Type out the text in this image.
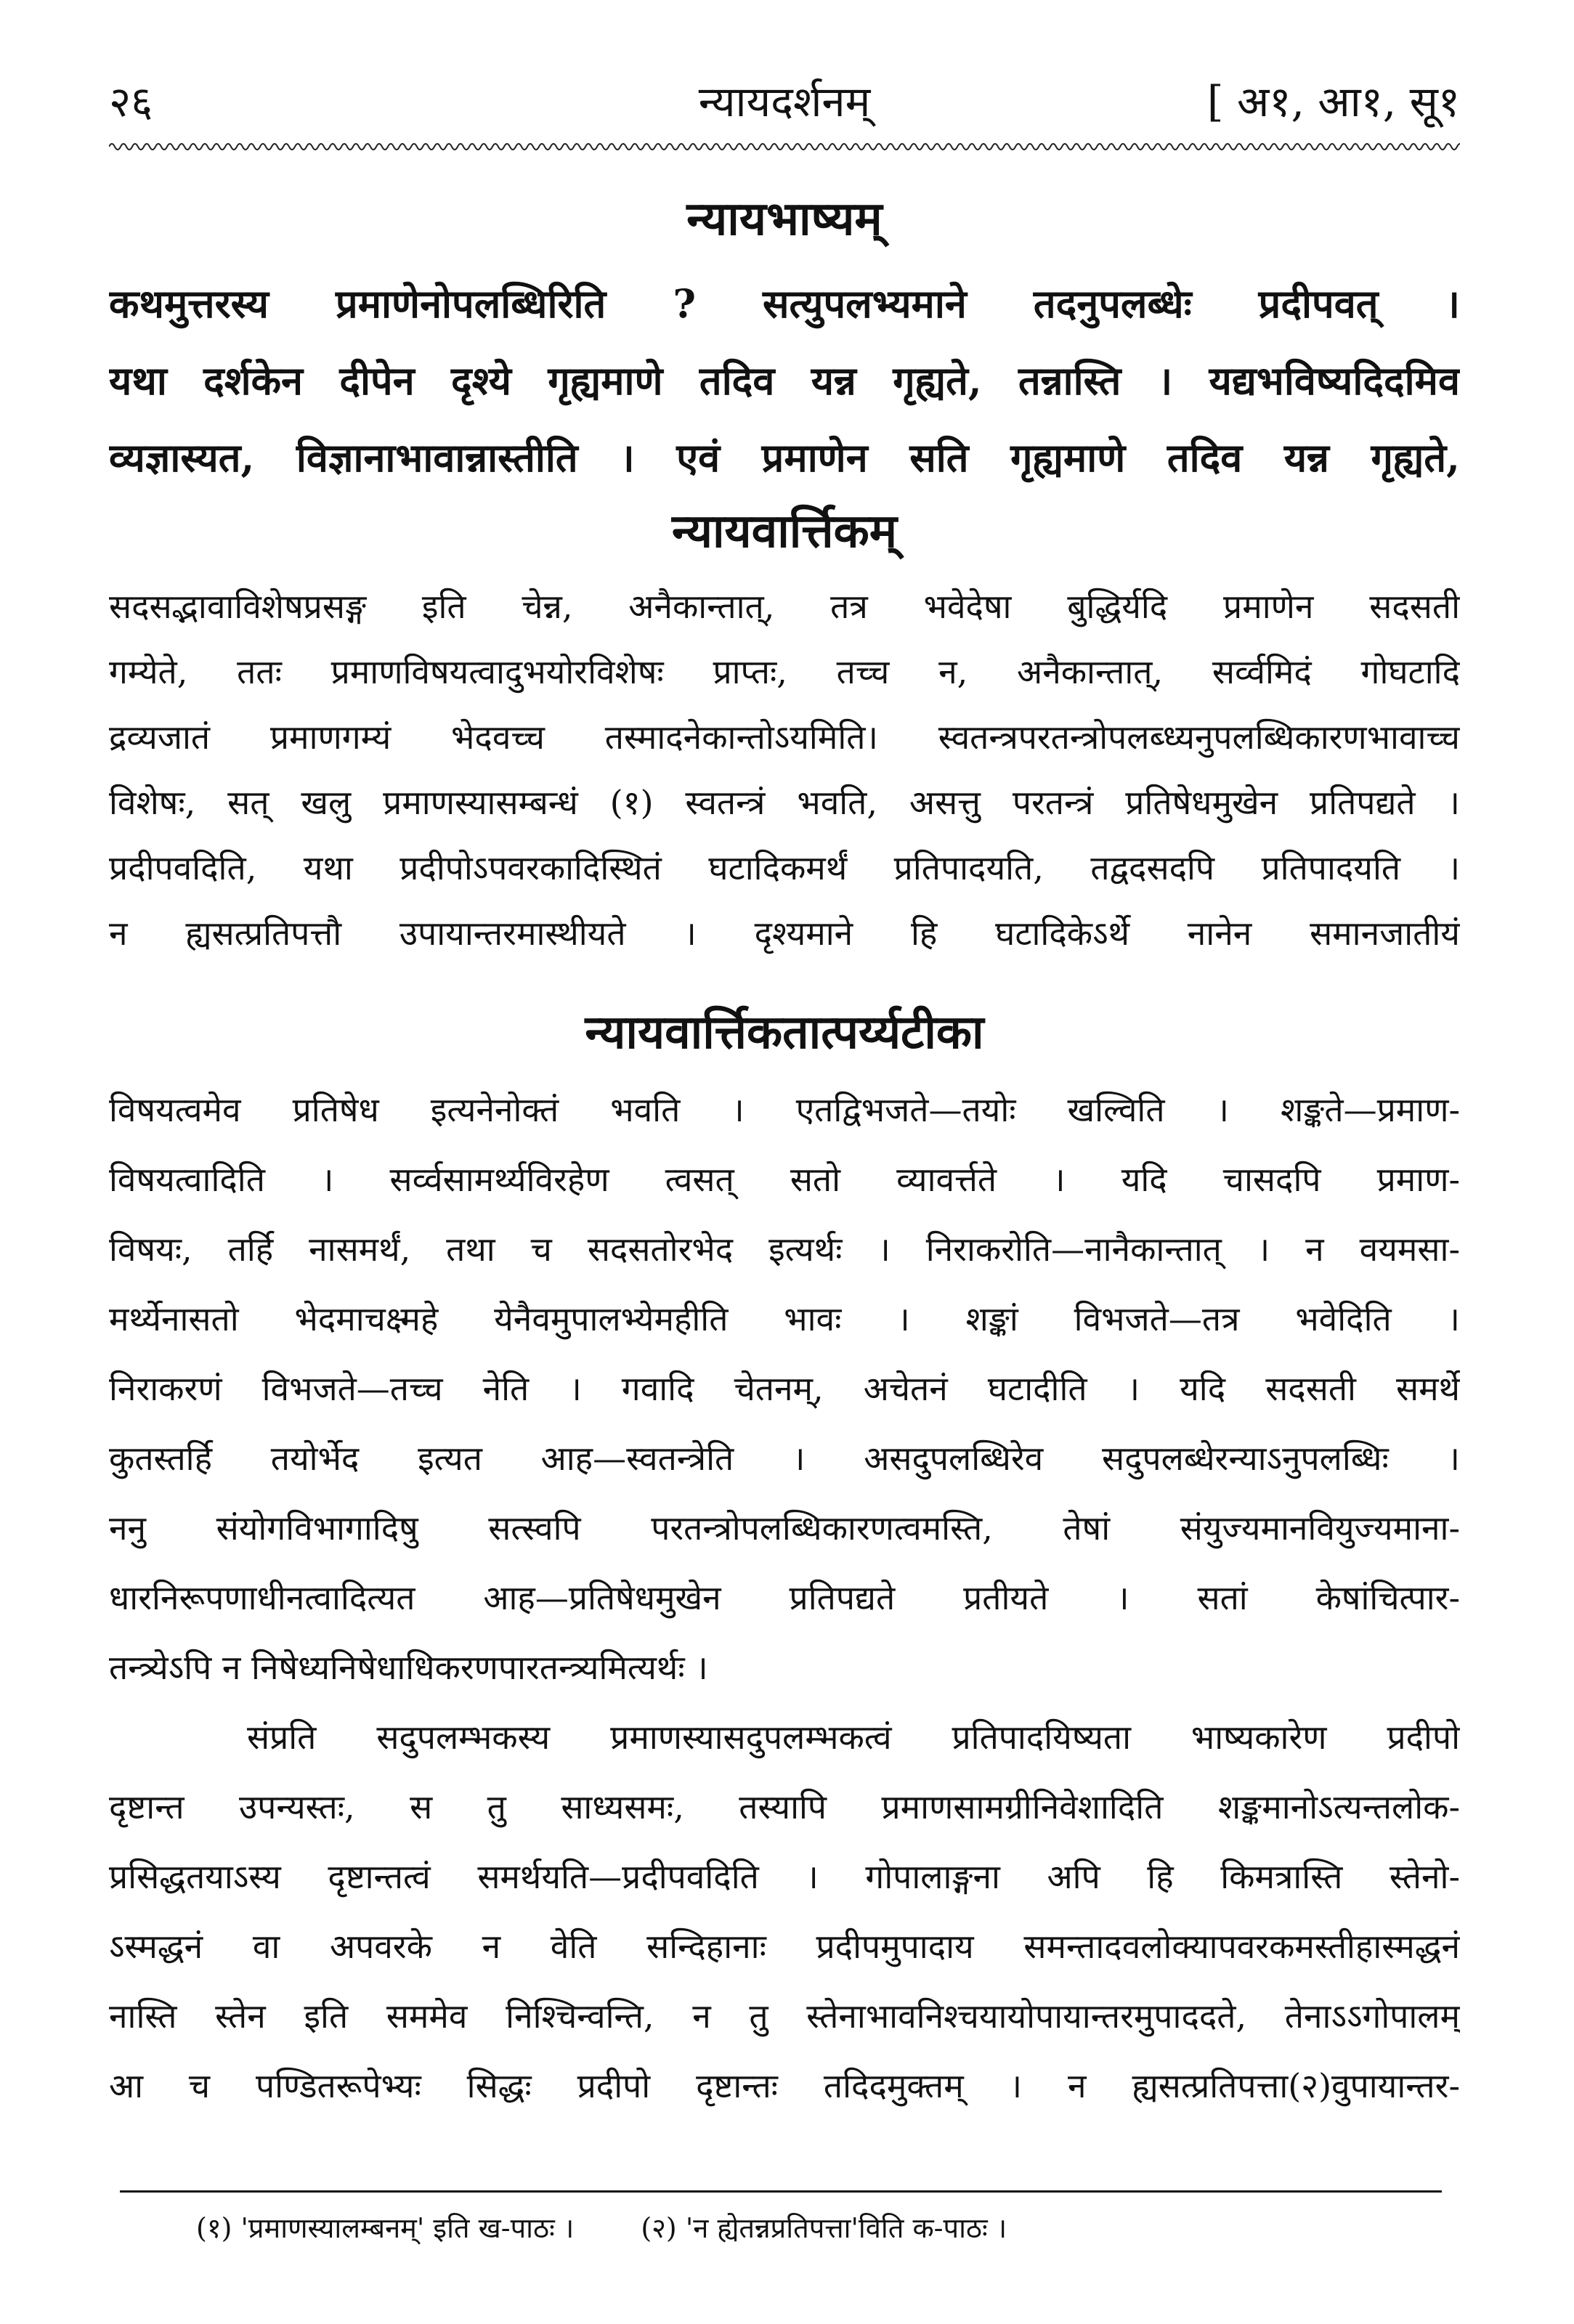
२६	न्यायदर्शनम्	[ अ१, आ१, सू१
न्यायभाष्यम्
कथमुत्तरस्य प्रमाणेनोपलब्धिरिति ? सत्युपलभ्यमाने तदनुपलब्धेः प्रदीपवत् ।
यथा दर्शकेन दीपेन दृश्ये गृह्यमाणे तदिव यन्न गृह्यते, तन्नास्ति । यद्यभविष्यदिदमिव
व्यज्ञास्यत, विज्ञानाभावान्नास्तीति । एवं प्रमाणेन सति गृह्यमाणे तदिव यन्न गृह्यते,
न्यायवार्त्तिकम्
सदसद्भावाविशेषप्रसङ्ग इति चेन्न, अनैकान्तात्, तत्र भवेदेषा बुद्धिर्यदि प्रमाणेन सदसती
गम्येते, ततः प्रमाणविषयत्वादुभयोरविशेषः प्राप्तः, तच्च न, अनैकान्तात्, सर्व्वमिदं गोघटादि
द्रव्यजातं प्रमाणगम्यं भेदवच्च तस्मादनेकान्तोऽयमिति। स्वतन्त्रपरतन्त्रोपलब्ध्यनुपलब्धिकारणभावाच्च
विशेषः, सत् खलु प्रमाणस्यासम्बन्धं (१) स्वतन्त्रं भवति, असत्तु परतन्त्रं प्रतिषेधमुखेन प्रतिपद्यते ।
प्रदीपवदिति, यथा प्रदीपोऽपवरकादिस्थितं घटादिकमर्थं प्रतिपादयति, तद्वदसदपि प्रतिपादयति ।
न ह्यसत्प्रतिपत्तौ उपायान्तरमास्थीयते । दृश्यमाने हि घटादिकेऽर्थे नानेन समानजातीयं
न्यायवार्त्तिकतात्पर्य्यटीका
विषयत्वमेव प्रतिषेध इत्यनेनोक्तं भवति । एतद्विभजते—तयोः खल्विति । शङ्कते—प्रमाण-
विषयत्वादिति । सर्व्वसामर्थ्यविरहेण त्वसत् सतो व्यावर्त्तते । यदि चासदपि प्रमाण-
विषयः, तर्हि नासमर्थं, तथा च सदसतोरभेद इत्यर्थः । निराकरोति—नानैकान्तात् । न वयमसा-
मर्थ्येनासतो भेदमाचक्ष्महे येनैवमुपालभ्येमहीति भावः । शङ्कां विभजते—तत्र भवेदिति ।
निराकरणं विभजते—तच्च नेति । गवादि चेतनम्, अचेतनं घटादीति । यदि सदसती समर्थे
कुतस्तर्हि तयोर्भेद इत्यत आह—स्वतन्त्रेति । असदुपलब्धिरेव सदुपलब्धेरन्याऽनुपलब्धिः ।
ननु संयोगविभागादिषु सत्स्वपि परतन्त्रोपलब्धिकारणत्वमस्ति, तेषां संयुज्यमानवियुज्यमाना-
धारनिरूपणाधीनत्वादित्यत आह—प्रतिषेधमुखेन प्रतिपद्यते प्रतीयते । सतां केषांचित्पार-
तन्त्र्येऽपि न निषेध्यनिषेधाधिकरणपारतन्त्र्यमित्यर्थः ।
संप्रति सदुपलम्भकस्य प्रमाणस्यासदुपलम्भकत्वं प्रतिपादयिष्यता भाष्यकारेण प्रदीपो
दृष्टान्त उपन्यस्तः, स तु साध्यसमः, तस्यापि प्रमाणसामग्रीनिवेशादिति शङ्कमानोऽत्यन्तलोक-
प्रसिद्धतयाऽस्य दृष्टान्तत्वं समर्थयति—प्रदीपवदिति । गोपालाङ्गना अपि हि किमत्रास्ति स्तेनो-
ऽस्मद्धनं वा अपवरके न वेति सन्दिहानाः प्रदीपमुपादाय समन्तादवलोक्यापवरकमस्तीहास्मद्धनं
नास्ति स्तेन इति सममेव निश्चिन्वन्ति, न तु स्तेनाभावनिश्चयायोपायान्तरमुपाददते, तेनाऽऽगोपालम्
आ च पण्डितरूपेभ्यः सिद्धः प्रदीपो दृष्टान्तः तदिदमुक्तम् । न ह्यसत्प्रतिपत्ता(२)वुपायान्तर-
(१) 'प्रमाणस्यालम्बनम्' इति ख-पाठः । (२) 'न ह्येतन्नप्रतिपत्ता'विति क-पाठः ।
